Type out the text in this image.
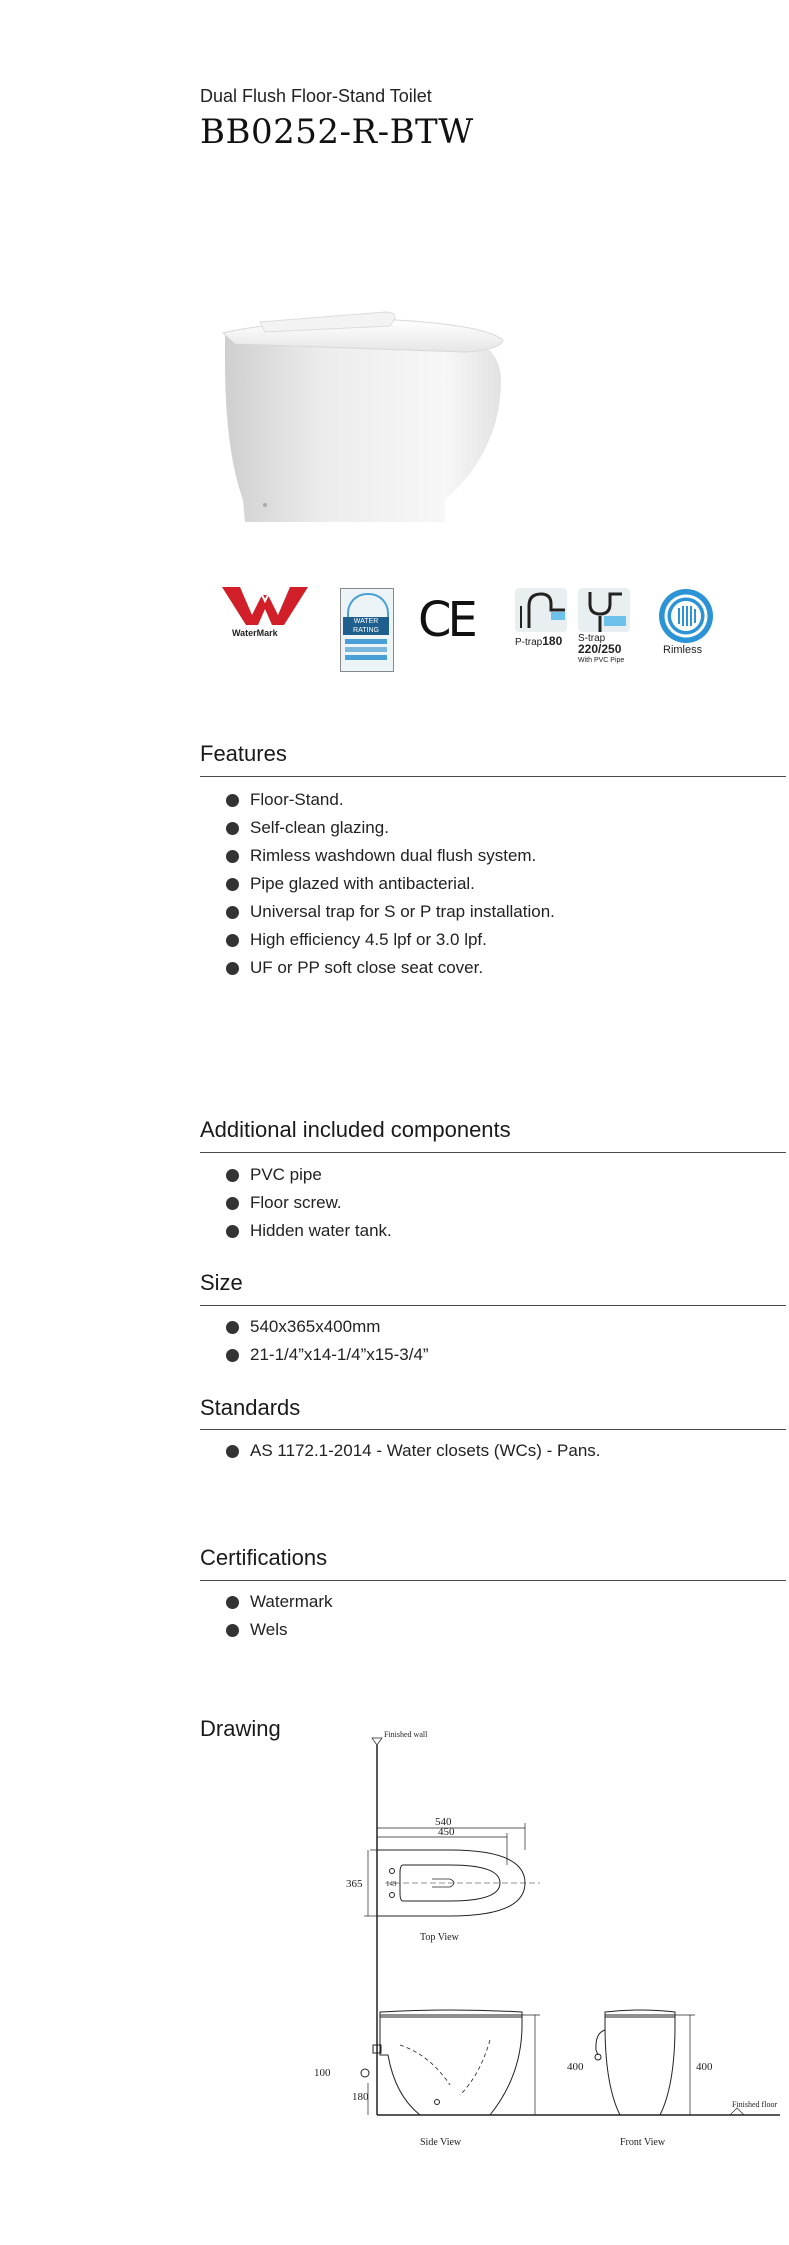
Dual Flush Floor-Stand Toilet
BB0252-R-BTW
WaterMark
WATER
RATING CE	P-trap180 S-trap
220/250
With PVC Pipe
Rimless
Features
Floor-Stand.
Self-clean glazing.
Rimless washdown dual flush system.
Pipe glazed with antibacterial.
Universal trap for S or P trap installation.
High efficiency 4.5 lpf or 3.0 lpf.
UF or PP soft close seat cover.
Additional included components
PVC pipe
Floor screw.
Hidden water tank.
Size
540x365x400mm
21-1/4”x14-1/4”x15-3/4”
Standards
AS 1172.1-2014 - Water closets (WCs) - Pans.
Certifications
Watermark
Wels
Drawing	Finished wall
540
450
365	149
Top View
400
100
180
400
Finished floor
Side View	Front View
